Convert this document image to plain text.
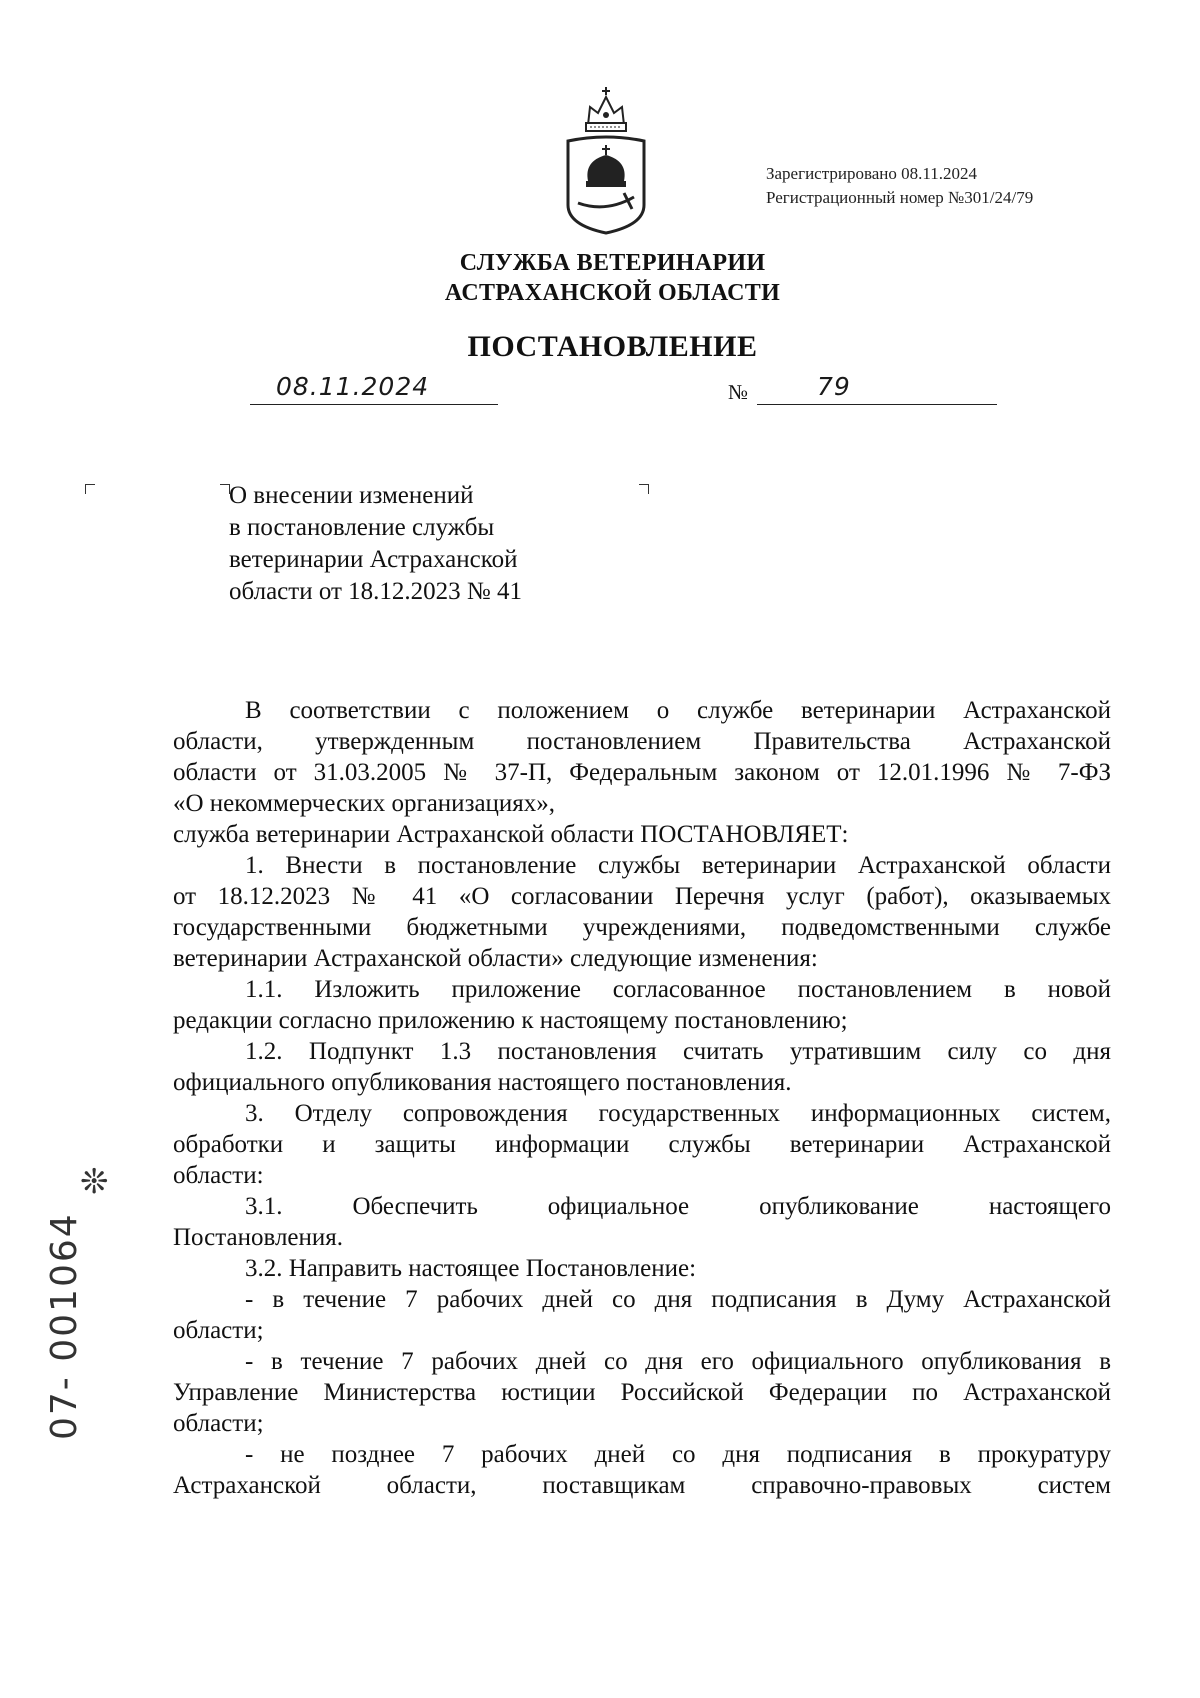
Зарегистрировано 08.11.2024
Регистрационный номер №301/24/79
СЛУЖБА ВЕТЕРИНАРИИ
АСТРАХАНСКОЙ ОБЛАСТИ
ПОСТАНОВЛЕНИЕ
08.11.2024	№	79
О внесении изменений
в постановление службы
ветеринарии Астраханской
области от 18.12.2023 № 41

В соответствии с положением о службе ветеринарии Астраханской

области, утвержденным постановлением Правительства Астраханской

области от 31.03.2005 № 37-П, Федеральным законом от 12.01.1996 № 7-ФЗ

«О некоммерческих организациях»,

служба ветеринарии Астраханской области ПОСТАНОВЛЯЕТ:

1. Внести в постановление службы ветеринарии Астраханской области

от 18.12.2023 № 41 «О согласовании Перечня услуг (работ), оказываемых

государственными бюджетными учреждениями, подведомственными службе

ветеринарии Астраханской области» следующие изменения:

1.1. Изложить приложение согласованное постановлением в новой

редакции согласно приложению к настоящему постановлению;

1.2. Подпункт 1.3 постановления считать утратившим силу со дня

официального опубликования настоящего постановления.

3. Отделу сопровождения государственных информационных систем,

обработки и защиты информации службы ветеринарии Астраханской

области:

3.1. Обеспечить официальное опубликование настоящего

Постановления.

3.2. Направить настоящее Постановление:

- в течение 7 рабочих дней со дня подписания в Думу Астраханской

области;

- в течение 7 рабочих дней со дня его официального опубликования в

Управление Министерства юстиции Российской Федерации по Астраханской

области;

- не позднее 7 рабочих дней со дня подписания в прокуратуру

Астраханской области, поставщикам справочно-правовых систем

07- 001064
❊
